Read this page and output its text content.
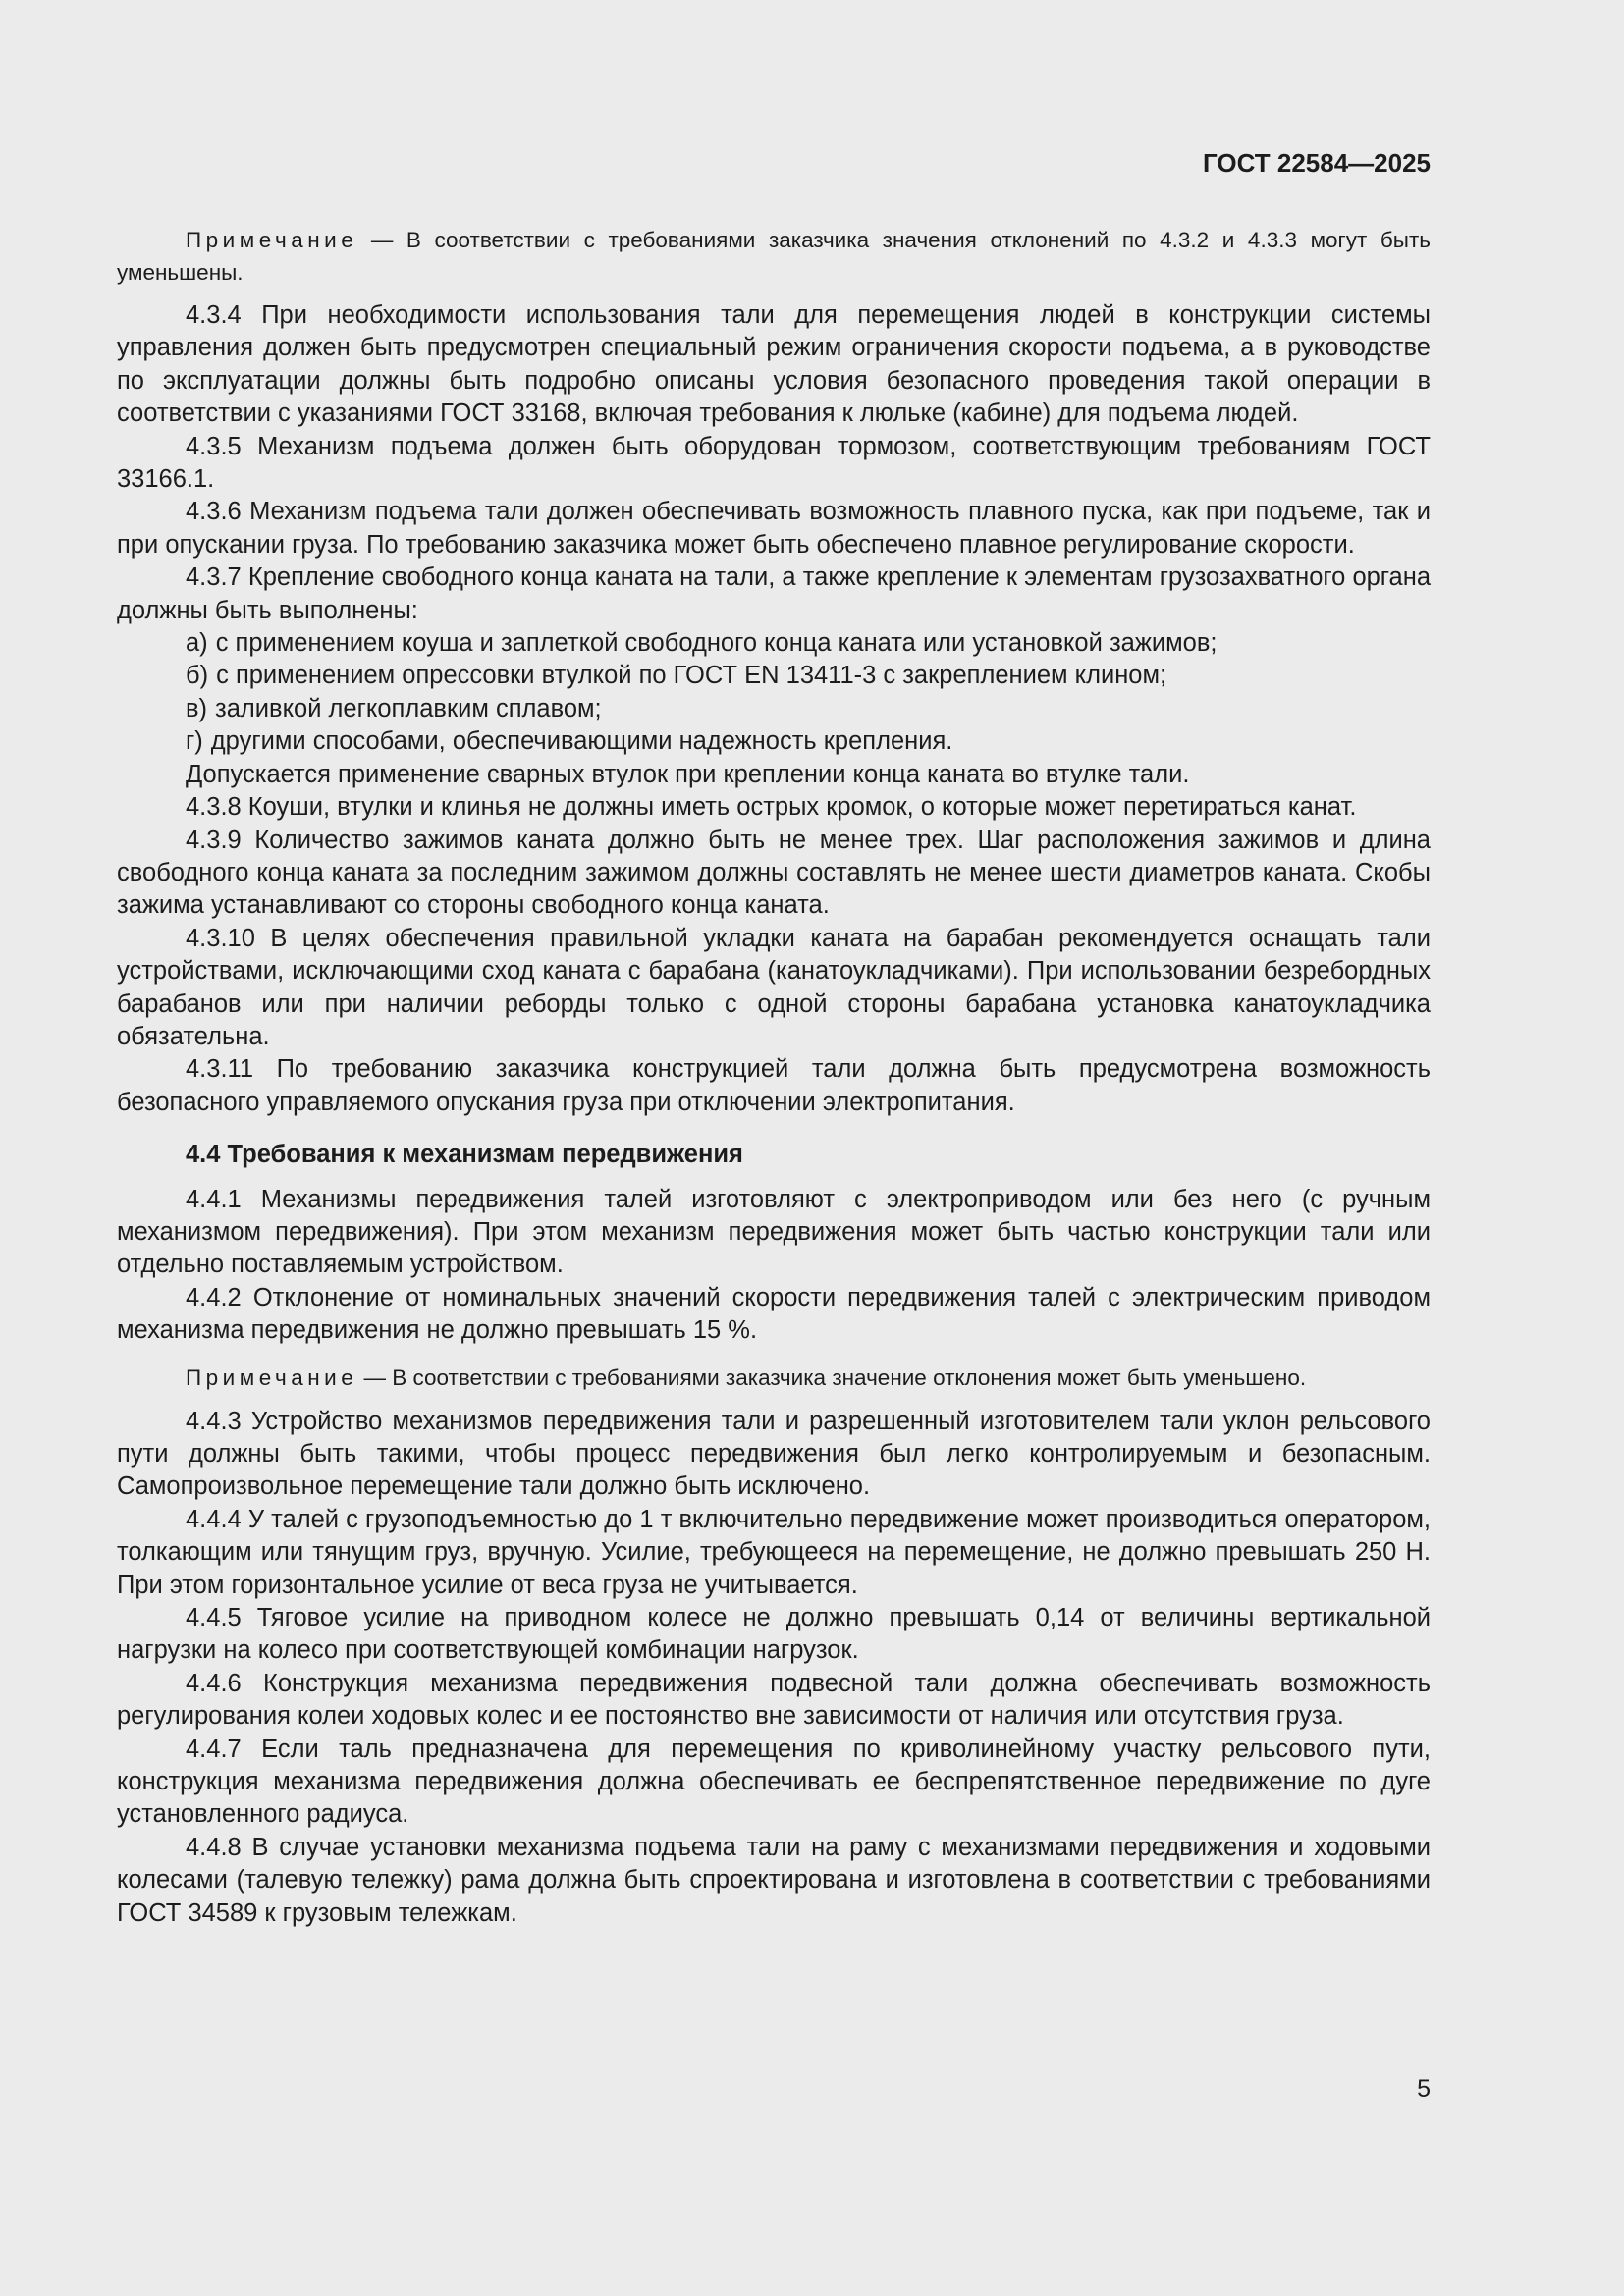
ГОСТ 22584—2025
Примечание — В соответствии с требованиями заказчика значения отклонений по 4.3.2 и 4.3.3 могут быть уменьшены.
4.3.4 При необходимости использования тали для перемещения людей в конструкции системы управления должен быть предусмотрен специальный режим ограничения скорости подъема, а в руководстве по эксплуатации должны быть подробно описаны условия безопасного проведения такой операции в соответствии с указаниями ГОСТ 33168, включая требования к люльке (кабине) для подъема людей.
4.3.5 Механизм подъема должен быть оборудован тормозом, соответствующим требованиям ГОСТ 33166.1.
4.3.6 Механизм подъема тали должен обеспечивать возможность плавного пуска, как при подъеме, так и при опускании груза. По требованию заказчика может быть обеспечено плавное регулирование скорости.
4.3.7 Крепление свободного конца каната на тали, а также крепление к элементам грузозахватного органа должны быть выполнены:
а) с применением коуша и заплеткой свободного конца каната или установкой зажимов;
б) с применением опрессовки втулкой по ГОСТ EN 13411-3 с закреплением клином;
в) заливкой легкоплавким сплавом;
г) другими способами, обеспечивающими надежность крепления.
Допускается применение сварных втулок при креплении конца каната во втулке тали.
4.3.8 Коуши, втулки и клинья не должны иметь острых кромок, о которые может перетираться канат.
4.3.9 Количество зажимов каната должно быть не менее трех. Шаг расположения зажимов и длина свободного конца каната за последним зажимом должны составлять не менее шести диаметров каната. Скобы зажима устанавливают со стороны свободного конца каната.
4.3.10 В целях обеспечения правильной укладки каната на барабан рекомендуется оснащать тали устройствами, исключающими сход каната с барабана (канатоукладчиками). При использовании безребордных барабанов или при наличии реборды только с одной стороны барабана установка канатоукладчика обязательна.
4.3.11 По требованию заказчика конструкцией тали должна быть предусмотрена возможность безопасного управляемого опускания груза при отключении электропитания.
4.4 Требования к механизмам передвижения
4.4.1 Механизмы передвижения талей изготовляют с электроприводом или без него (с ручным механизмом передвижения). При этом механизм передвижения может быть частью конструкции тали или отдельно поставляемым устройством.
4.4.2 Отклонение от номинальных значений скорости передвижения талей с электрическим приводом механизма передвижения не должно превышать 15 %.
Примечание — В соответствии с требованиями заказчика значение отклонения может быть уменьшено.
4.4.3 Устройство механизмов передвижения тали и разрешенный изготовителем тали уклон рельсового пути должны быть такими, чтобы процесс передвижения был легко контролируемым и безопасным. Самопроизвольное перемещение тали должно быть исключено.
4.4.4 У талей с грузоподъемностью до 1 т включительно передвижение может производиться оператором, толкающим или тянущим груз, вручную. Усилие, требующееся на перемещение, не должно превышать 250 Н. При этом горизонтальное усилие от веса груза не учитывается.
4.4.5 Тяговое усилие на приводном колесе не должно превышать 0,14 от величины вертикальной нагрузки на колесо при соответствующей комбинации нагрузок.
4.4.6 Конструкция механизма передвижения подвесной тали должна обеспечивать возможность регулирования колеи ходовых колес и ее постоянство вне зависимости от наличия или отсутствия груза.
4.4.7 Если таль предназначена для перемещения по криволинейному участку рельсового пути, конструкция механизма передвижения должна обеспечивать ее беспрепятственное передвижение по дуге установленного радиуса.
4.4.8 В случае установки механизма подъема тали на раму с механизмами передвижения и ходовыми колесами (талевую тележку) рама должна быть спроектирована и изготовлена в соответствии с требованиями ГОСТ 34589 к грузовым тележкам.
5
